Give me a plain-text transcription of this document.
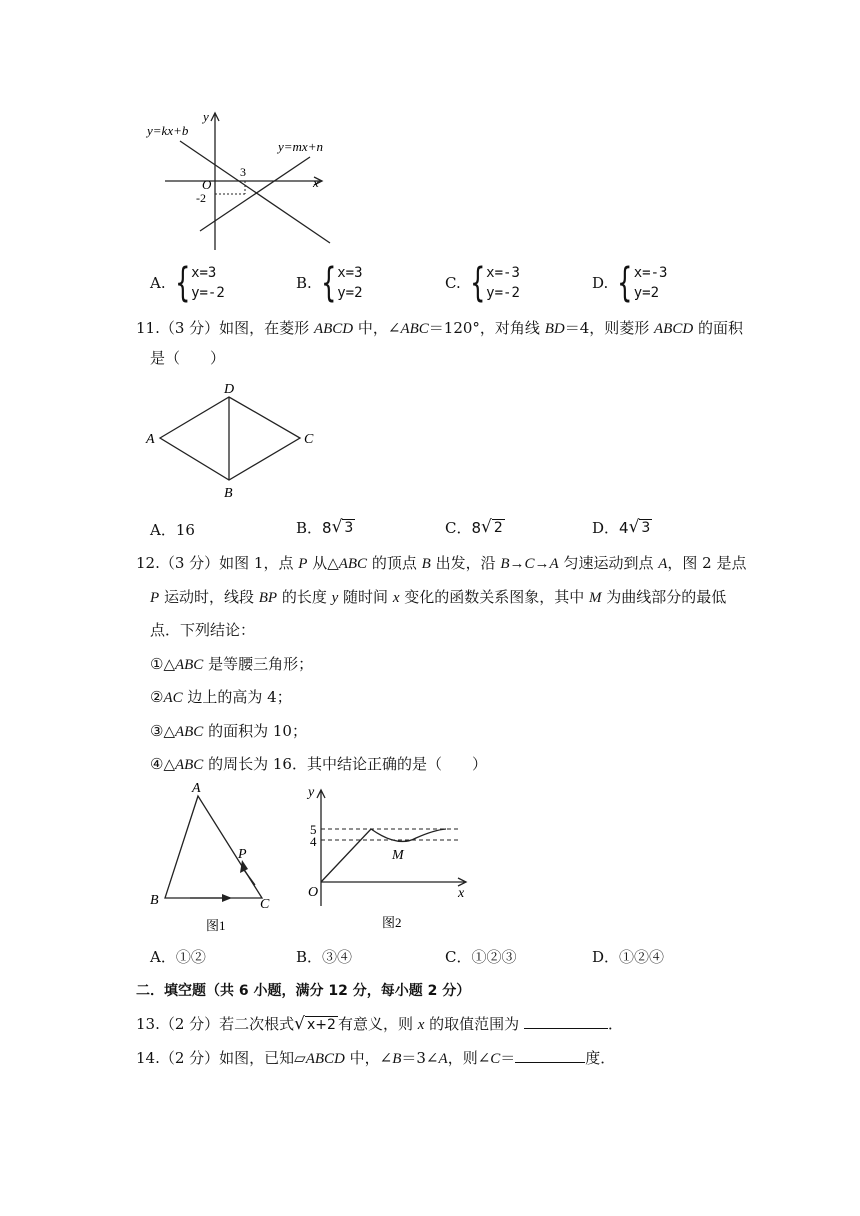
y=kx+b
y=mx+n
y
x
O
3
-2
A. { x=3
y=-2
B. { x=3
y=2
C. { x=-3
y=-2
D. { x=-3
y=2
11.（3 分）如图，在菱形 ABCD 中，∠ABC＝120°，对角线 BD＝4，则菱形 ABCD 的面积
是（　　）
D
A	C
B
A．16	B． 8 √ 3	C． 8 √ 2	D． 4 √ 3
12.（3 分）如图 1，点 P 从△ABC 的顶点 B 出发，沿 B→C→A 匀速运动到点 A，图 2 是点
P 运动时，线段 BP 的长度 y 随时间 x 变化的函数关系图象，其中 M 为曲线部分的最低
点．下列结论：
①△ABC 是等腰三角形；
②AC 边上的高为 4；
③△ABC 的面积为 10；
④△ABC 的周长为 16．其中结论正确的是（　　）
A
B	C
P
图1
y
x
O
5
4
M
图2
A．①②	B．③④	C．①②③	D．①②④
二．填空题（共 6 小题，满分 12 分，每小题 2 分）
13.（2 分）若二次根式 √ x+2 有意义，则 x 的取值范围为	．
14.（2 分）如图，已知▱ABCD 中，∠B＝3∠A，则∠C＝	度．
